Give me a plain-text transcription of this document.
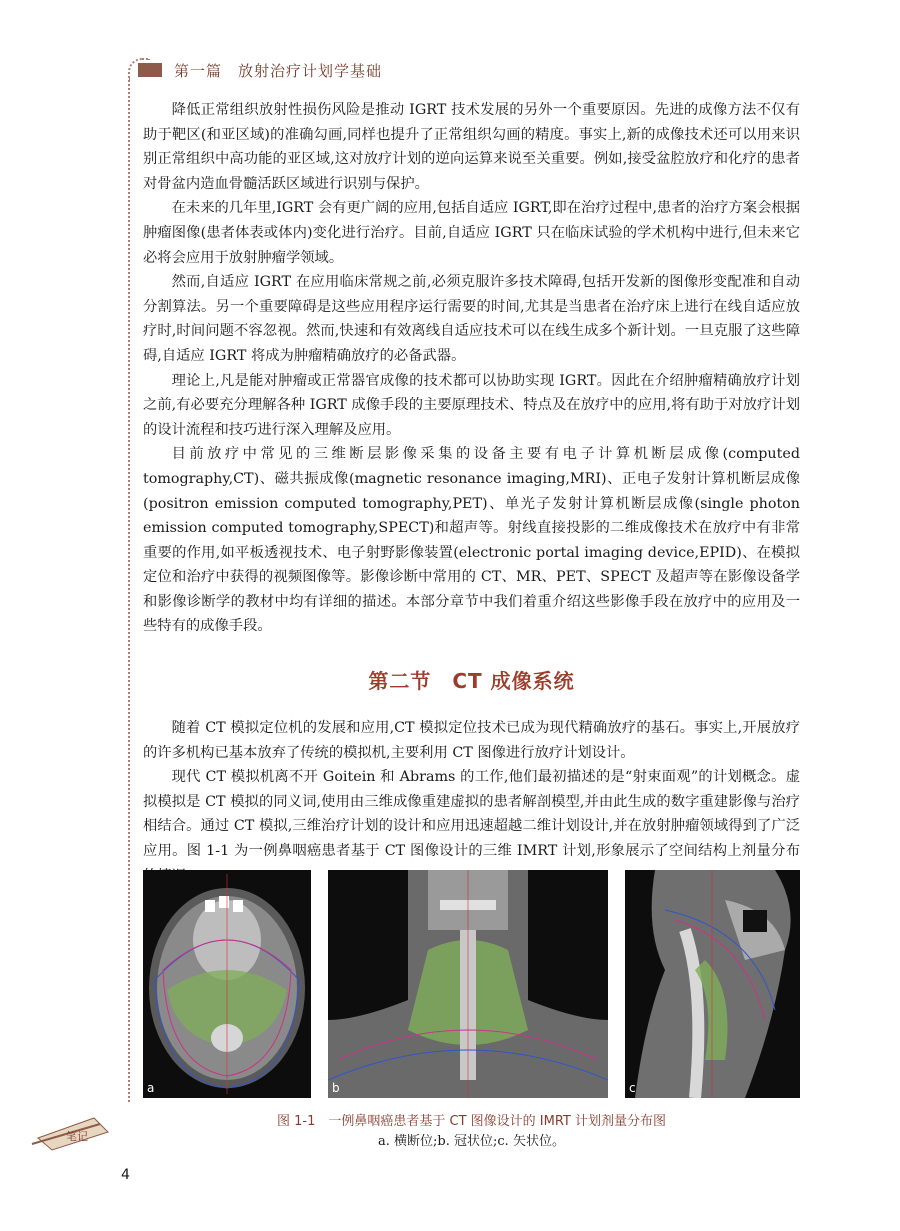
第一篇　放射治疗计划学基础

降低正常组织放射性损伤风险是推动 IGRT 技术发展的另外一个重要原因。先进的成像方法不仅有助于靶区(和亚区域)的准确勾画,同样也提升了正常组织勾画的精度。事实上,新的成像技术还可以用来识别正常组织中高功能的亚区域,这对放疗计划的逆向运算来说至关重要。例如,接受盆腔放疗和化疗的患者对骨盆内造血骨髓活跃区域进行识别与保护。

在未来的几年里,IGRT 会有更广阔的应用,包括自适应 IGRT,即在治疗过程中,患者的治疗方案会根据肿瘤图像(患者体表或体内)变化进行治疗。目前,自适应 IGRT 只在临床试验的学术机构中进行,但未来它必将会应用于放射肿瘤学领域。

然而,自适应 IGRT 在应用临床常规之前,必须克服许多技术障碍,包括开发新的图像形变配准和自动分割算法。另一个重要障碍是这些应用程序运行需要的时间,尤其是当患者在治疗床上进行在线自适应放疗时,时间问题不容忽视。然而,快速和有效离线自适应技术可以在线生成多个新计划。一旦克服了这些障碍,自适应 IGRT 将成为肿瘤精确放疗的必备武器。

理论上,凡是能对肿瘤或正常器官成像的技术都可以协助实现 IGRT。因此在介绍肿瘤精确放疗计划之前,有必要充分理解各种 IGRT 成像手段的主要原理技术、特点及在放疗中的应用,将有助于对放疗计划的设计流程和技巧进行深入理解及应用。

目前放疗中常见的三维断层影像采集的设备主要有电子计算机断层成像(computed tomography,CT)、磁共振成像(magnetic resonance imaging,MRI)、正电子发射计算机断层成像(positron emission computed tomography,PET)、单光子发射计算机断层成像(single photon emission computed tomography,SPECT)和超声等。射线直接投影的二维成像技术在放疗中有非常重要的作用,如平板透视技术、电子射野影像装置(electronic portal imaging device,EPID)、在模拟定位和治疗中获得的视频图像等。影像诊断中常用的 CT、MR、PET、SPECT 及超声等在影像设备学和影像诊断学的教材中均有详细的描述。本部分章节中我们着重介绍这些影像手段在放疗中的应用及一些特有的成像手段。

第二节　CT 成像系统

随着 CT 模拟定位机的发展和应用,CT 模拟定位技术已成为现代精确放疗的基石。事实上,开展放疗的许多机构已基本放弃了传统的模拟机,主要利用 CT 图像进行放疗计划设计。

现代 CT 模拟机离不开 Goitein 和 Abrams 的工作,他们最初描述的是“射束面观”的计划概念。虚拟模拟是 CT 模拟的同义词,使用由三维成像重建虚拟的患者解剖模型,并由此生成的数字重建影像与治疗相结合。通过 CT 模拟,三维治疗计划的设计和应用迅速超越二维计划设计,并在放射肿瘤领域得到了广泛应用。图 1-1 为一例鼻咽癌患者基于 CT 图像设计的三维 IMRT 计划,形象展示了空间结构上剂量分布

a	b	c
图 1-1　一例鼻咽癌患者基于 CT 图像设计的 IMRT 计划剂量分布图
a. 横断位;b. 冠状位;c. 矢状位。
笔记
4
